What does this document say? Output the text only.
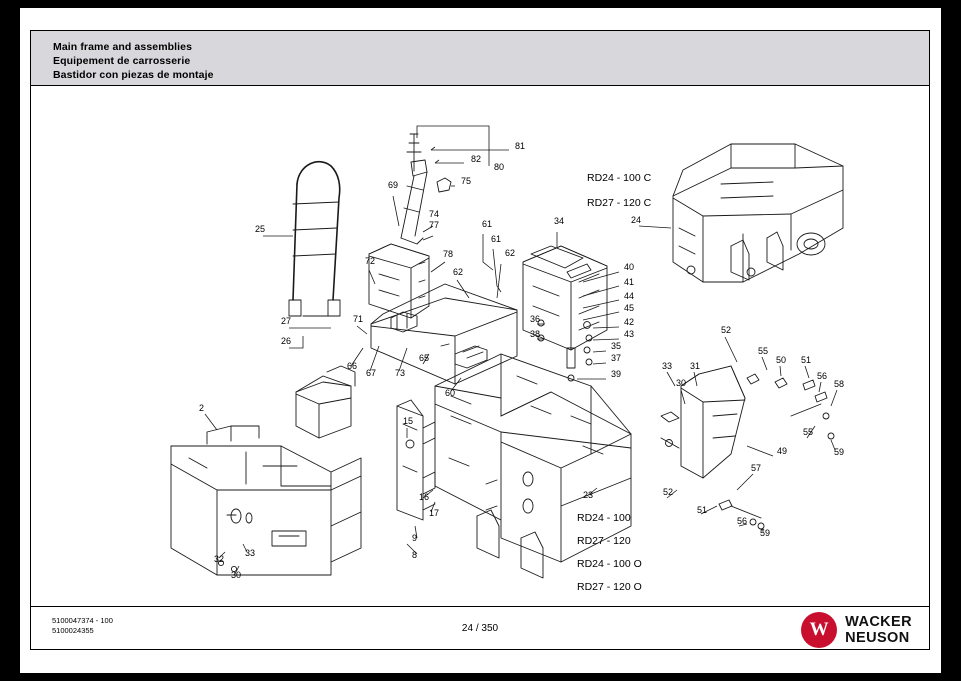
Main frame and assemblies
Equipement de carrosserie
Bastidor con piezas de montaje
81
82
80
75
69
74
77
78
61
61
62
62
34	24
25
72
40
41
44
45
42
43
36
38
35
37
39
71
27
26
66
67 73
65
60
33 31
30
52
55
50 51
56
58
55
59
49
57
52
51
56
59
23
2
15
16
17
9
8
32
33
30
RD24 - 100 C
RD27 - 120 C
RD24 - 100
RD27 - 120
RD24 - 100 O
RD27 - 120 O
5100047374 - 100
5100024355	24 / 350	W	WACKER
NEUSON
